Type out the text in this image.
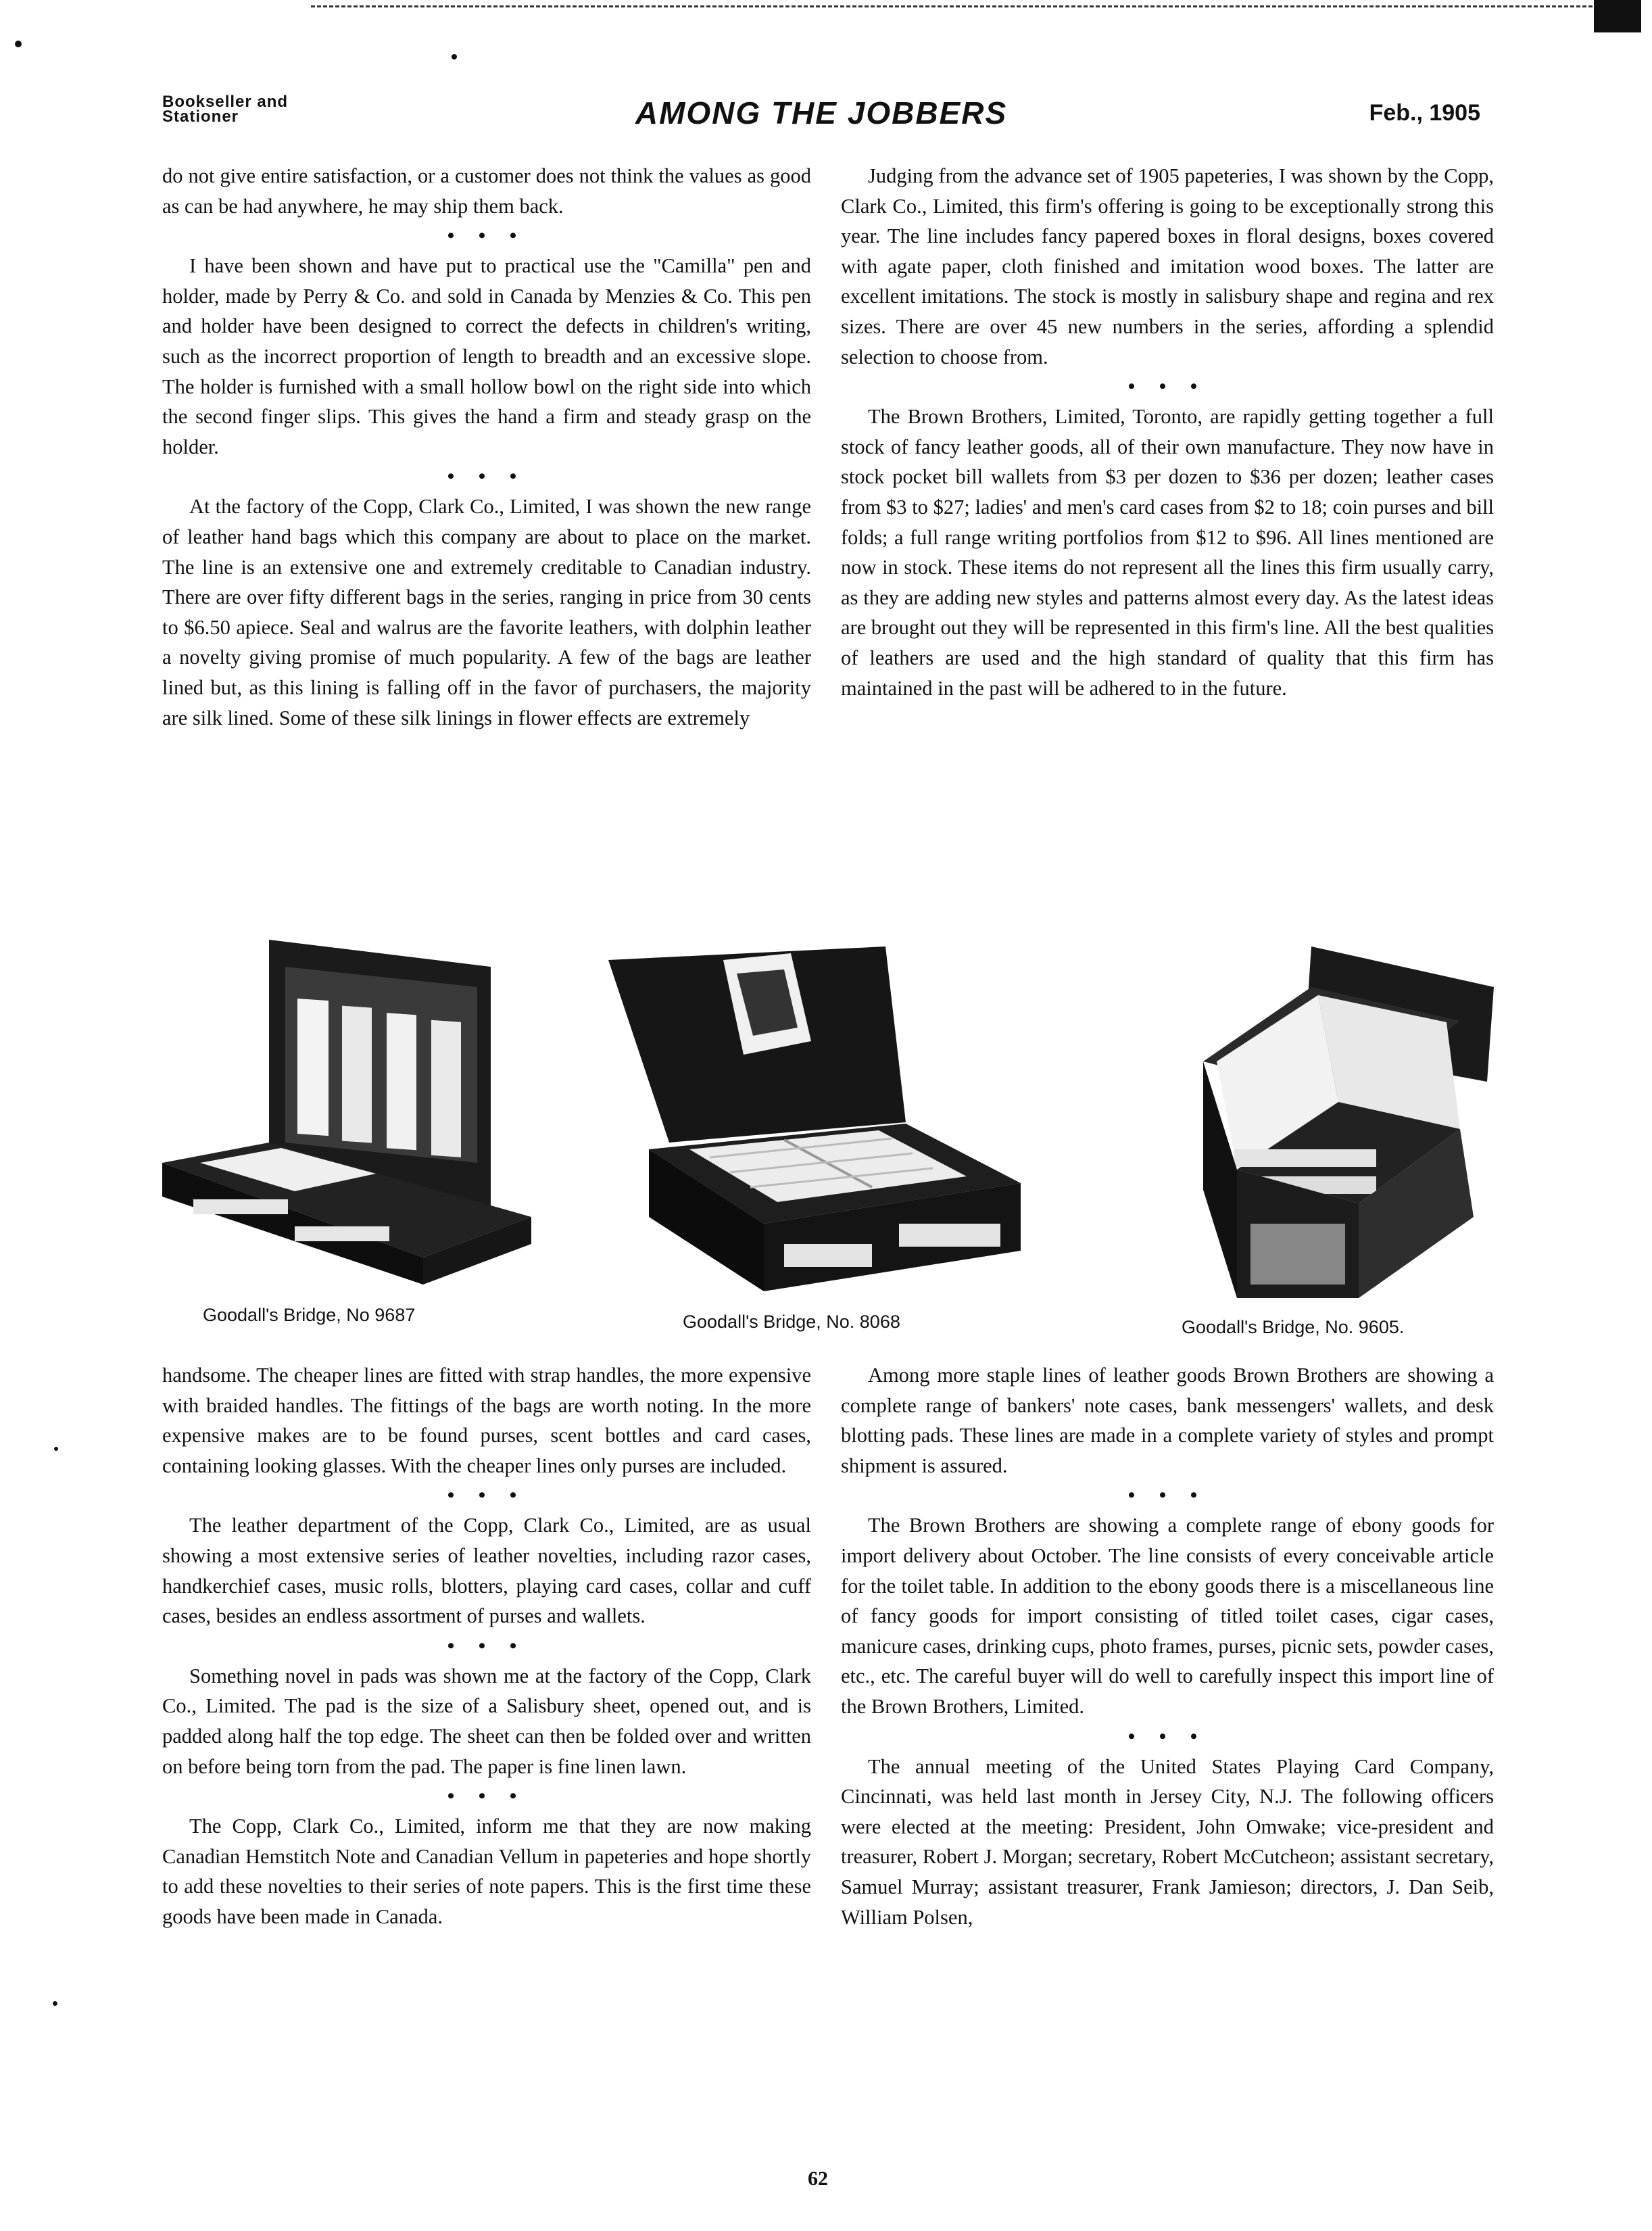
Bookseller and
Stationer	AMONG THE JOBBERS	Feb., 1905

do not give entire satisfaction, or a customer does not think the values as good as can be had anywhere, he may ship them back.

• • •

I have been shown and have put to practical use the "Camilla" pen and holder, made by Perry & Co. and sold in Canada by Menzies & Co. This pen and holder have been designed to correct the defects in children's writing, such as the incorrect proportion of length to breadth and an excessive slope. The holder is furnished with a small hollow bowl on the right side into which the second finger slips. This gives the hand a firm and steady grasp on the holder.

• • •

At the factory of the Copp, Clark Co., Limited, I was shown the new range of leather hand bags which this company are about to place on the market. The line is an extensive one and extremely creditable to Canadian industry. There are over fifty different bags in the series, ranging in price from 30 cents to $6.50 apiece. Seal and walrus are the favorite leathers, with dolphin leather a novelty giving promise of much popularity. A few of the bags are leather lined but, as this lining is falling off in the favor of purchasers, the majority are silk lined. Some of these silk linings in flower effects are extremely

Judging from the advance set of 1905 papeteries, I was shown by the Copp, Clark Co., Limited, this firm's offering is going to be exceptionally strong this year. The line includes fancy papered boxes in floral designs, boxes covered with agate paper, cloth finished and imitation wood boxes. The latter are excellent imitations. The stock is mostly in salisbury shape and regina and rex sizes. There are over 45 new numbers in the series, affording a splendid selection to choose from.

• • •

The Brown Brothers, Limited, Toronto, are rapidly getting together a full stock of fancy leather goods, all of their own manufacture. They now have in stock pocket bill wallets from $3 per dozen to $36 per dozen; leather cases from $3 to $27; ladies' and men's card cases from $2 to 18; coin purses and bill folds; a full range writing portfolios from $12 to $96. All lines mentioned are now in stock. These items do not represent all the lines this firm usually carry, as they are adding new styles and patterns almost every day. As the latest ideas are brought out they will be represented in this firm's line. All the best qualities of leathers are used and the high standard of quality that this firm has maintained in the past will be adhered to in the future.

Goodall's Bridge, No 9687	Goodall's Bridge, No. 8068	Goodall's Bridge, No. 9605.

handsome. The cheaper lines are fitted with strap handles, the more expensive with braided handles. The fittings of the bags are worth noting. In the more expensive makes are to be found purses, scent bottles and card cases, containing looking glasses. With the cheaper lines only purses are included.

• • •

The leather department of the Copp, Clark Co., Limited, are as usual showing a most extensive series of leather novelties, including razor cases, handkerchief cases, music rolls, blotters, playing card cases, collar and cuff cases, besides an endless assortment of purses and wallets.

• • •

Something novel in pads was shown me at the factory of the Copp, Clark Co., Limited. The pad is the size of a Salisbury sheet, opened out, and is padded along half the top edge. The sheet can then be folded over and written on before being torn from the pad. The paper is fine linen lawn.

• • •

The Copp, Clark Co., Limited, inform me that they are now making Canadian Hemstitch Note and Canadian Vellum in papeteries and hope shortly to add these novelties to their series of note papers. This is the first time these goods have been made in Canada.

Among more staple lines of leather goods Brown Brothers are showing a complete range of bankers' note cases, bank messengers' wallets, and desk blotting pads. These lines are made in a complete variety of styles and prompt shipment is assured.

• • •

The Brown Brothers are showing a complete range of ebony goods for import delivery about October. The line consists of every conceivable article for the toilet table. In addition to the ebony goods there is a miscellaneous line of fancy goods for import consisting of titled toilet cases, cigar cases, manicure cases, drinking cups, photo frames, purses, picnic sets, powder cases, etc., etc. The careful buyer will do well to carefully inspect this import line of the Brown Brothers, Limited.

• • •

The annual meeting of the United States Playing Card Company, Cincinnati, was held last month in Jersey City, N.J. The following officers were elected at the meeting: President, John Omwake; vice-president and treasurer, Robert J. Morgan; secretary, Robert McCutcheon; assistant secretary, Samuel Murray; assistant treasurer, Frank Jamieson; directors, J. Dan Seib, William Polsen,

62
